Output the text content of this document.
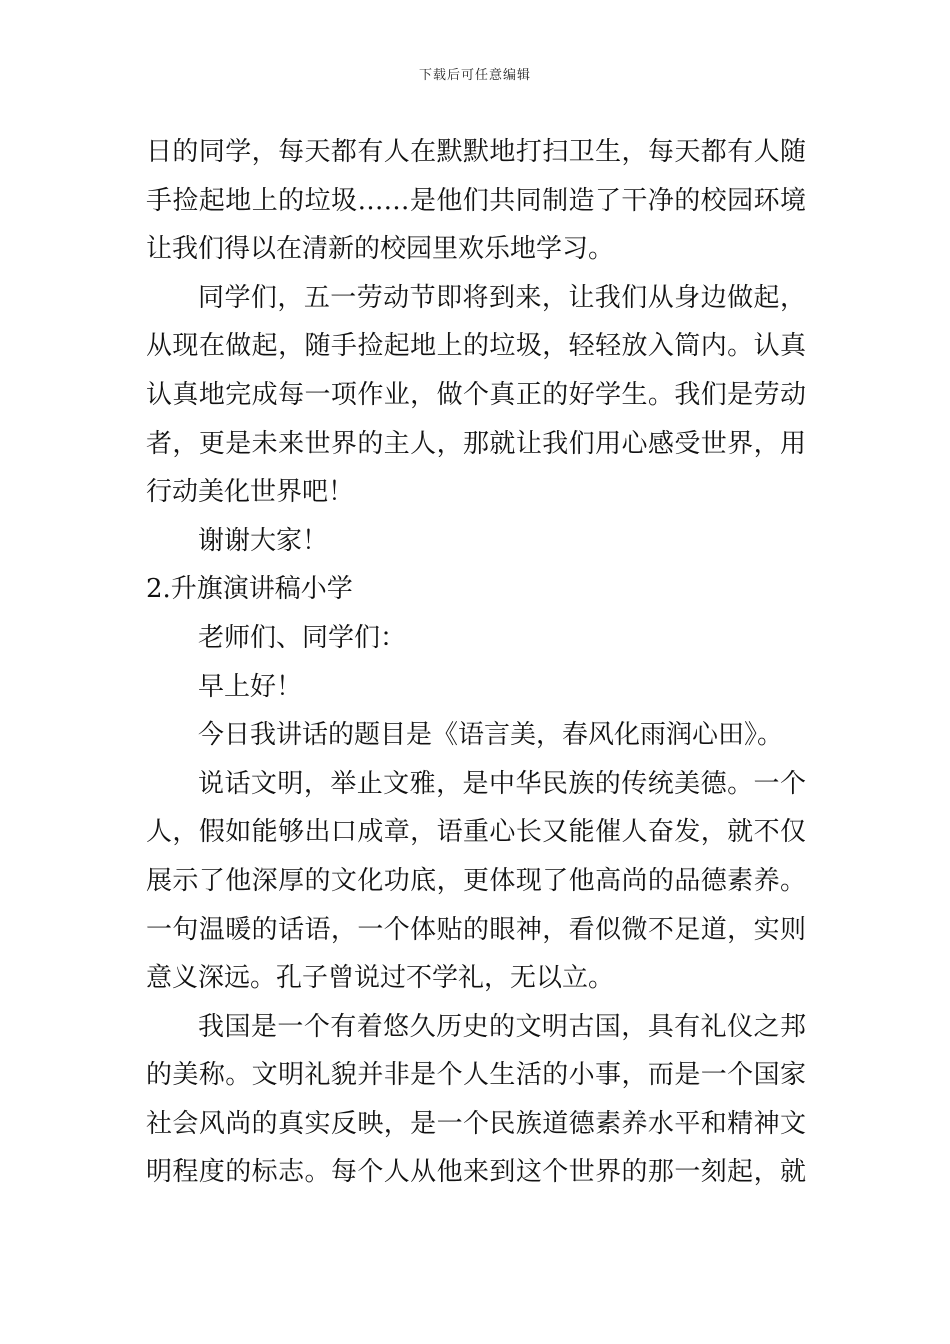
下载后可任意编辑
日的同学，每天都有人在默默地打扫卫生，每天都有人随
手捡起地上的垃圾……是他们共同制造了干净的校园环境
让我们得以在清新的校园里欢乐地学习。
同学们，五一劳动节即将到来，让我们从身边做起，
从现在做起，随手捡起地上的垃圾，轻轻放入筒内。认真
认真地完成每一项作业，做个真正的好学生。我们是劳动
者，更是未来世界的主人，那就让我们用心感受世界，用
行动美化世界吧！
谢谢大家！
2.升旗演讲稿小学
老师们、同学们：
早上好！
今日我讲话的题目是《语言美，春风化雨润心田》。
说话文明，举止文雅，是中华民族的传统美德。一个
人，假如能够出口成章，语重心长又能催人奋发，就不仅
展示了他深厚的文化功底，更体现了他高尚的品德素养。
一句温暖的话语，一个体贴的眼神，看似微不足道，实则
意义深远。孔子曾说过不学礼，无以立。
我国是一个有着悠久历史的文明古国，具有礼仪之邦
的美称。文明礼貌并非是个人生活的小事，而是一个国家
社会风尚的真实反映，是一个民族道德素养水平和精神文
明程度的标志。每个人从他来到这个世界的那一刻起，就
